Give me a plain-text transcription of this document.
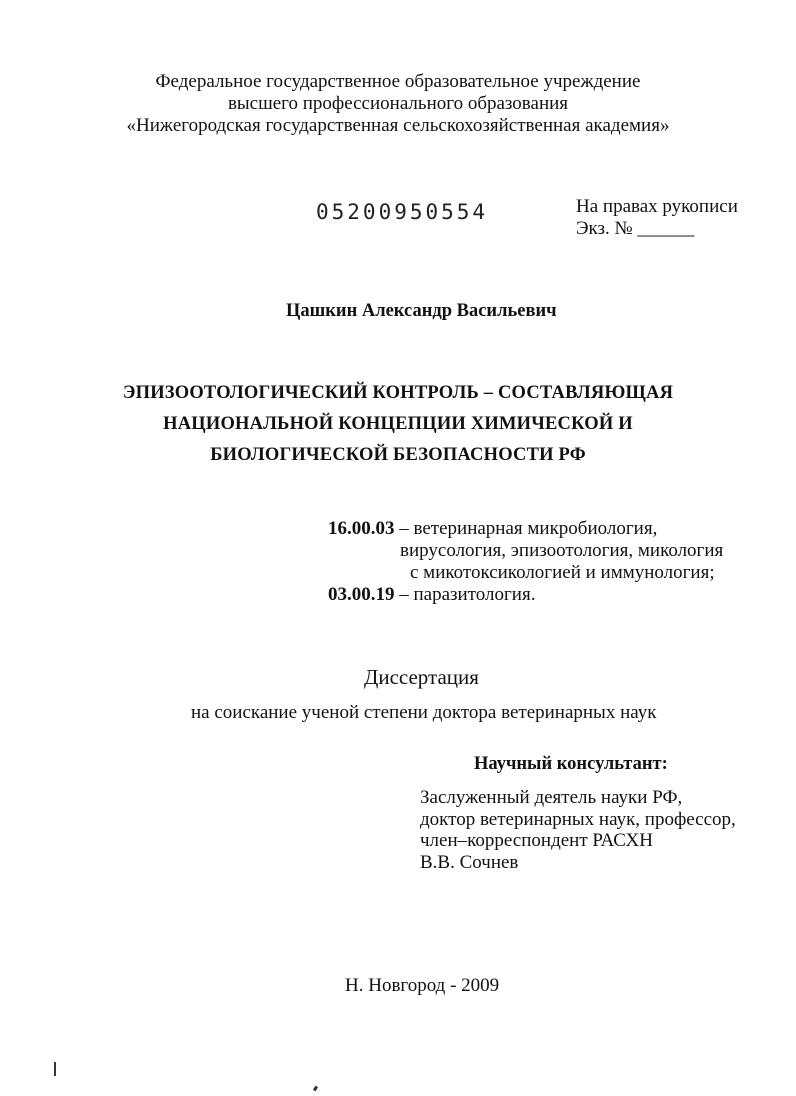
Федеральное государственное образовательное учреждение
высшего профессионального образования
«Нижегородская государственная сельскохозяйственная академия»
05200950554	На правах рукописи
Экз. № ______
Цашкин Александр Васильевич
ЭПИЗООТОЛОГИЧЕСКИЙ КОНТРОЛЬ – СОСТАВЛЯЮЩАЯ
НАЦИОНАЛЬНОЙ КОНЦЕПЦИИ ХИМИЧЕСКОЙ И
БИОЛОГИЧЕСКОЙ БЕЗОПАСНОСТИ РФ
16.00.03 – ветеринарная микробиология,
вирусология, эпизоотология, микология
с микотоксикологией и иммунология;
03.00.19 – паразитология.
Диссертация
на соискание ученой степени доктора ветеринарных наук
Научный консультант:
Заслуженный деятель науки РФ,
доктор ветеринарных наук, профессор,
член–корреспондент РАСХН
В.В. Сочнев
Н. Новгород - 2009
